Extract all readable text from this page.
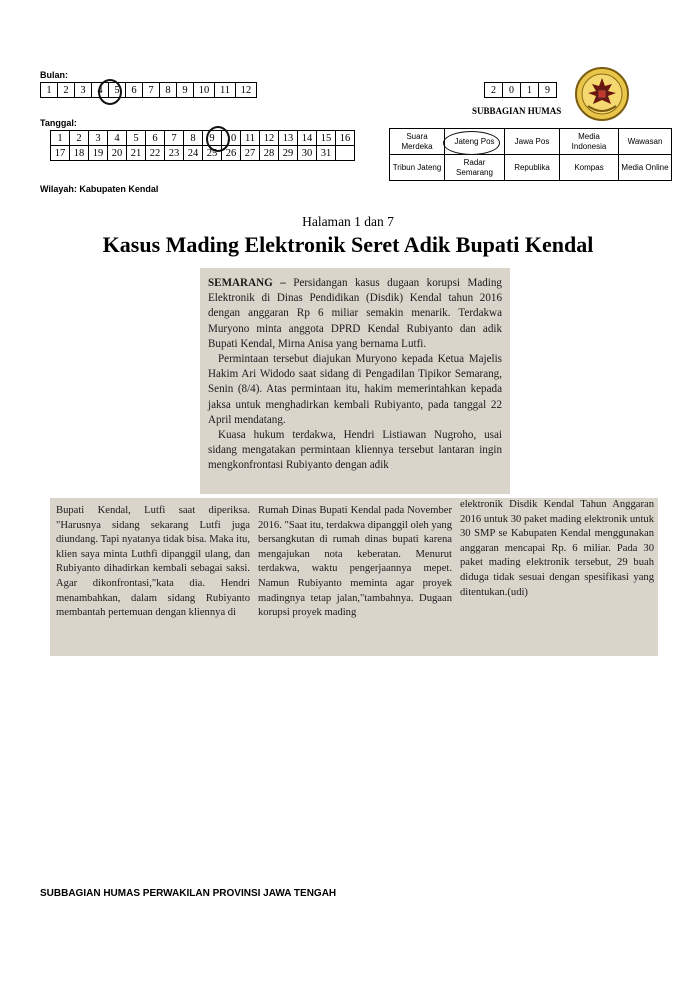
Bulan:
1	2	3	4	5	6	7	8	9	10	11	12
Tanggal:
1	2	3	4	5	6	7	8	9	10	11	12	13	14	15	16
17	18	19	20	21	22	23	24	25	26	27	28	29	30	31	
Wilayah: Kabupaten Kendal
2	0	1	9
SUBBAGIAN HUMAS
Suara Merdeka	Jateng Pos	Jawa Pos	Media Indonesia	Wawasan
Tribun Jateng	Radar Semarang	Republika	Kompas	Media Online
Halaman 1 dan 7
Kasus Mading Elektronik Seret Adik Bupati Kendal

SEMARANG – Persidangan kasus dugaan korupsi Mading Elektronik di Dinas Pendidikan (Disdik) Kendal tahun 2016 dengan anggaran Rp 6 miliar semakin menarik. Terdakwa Muryono minta anggota DPRD Kendal Rubiyanto dan adik Bupati Kendal, Mirna Anisa yang bernama Lutfi.

Permintaan tersebut diajukan Muryono kepada Ketua Majelis Hakim Ari Widodo saat sidang di Pengadilan Tipikor Semarang, Senin (8/4). Atas permintaan itu, hakim memerintahkan kepada jaksa untuk menghadirkan kembali Rubiyanto, pada tanggal 22 April mendatang.

Kuasa hukum terdakwa, Hendri Listiawan Nugroho, usai sidang mengatakan permintaan kliennya tersebut lantaran ingin mengkonfrontasi Rubiyanto dengan adik

Bupati Kendal, Lutfi saat diperiksa. "Harusnya sidang sekarang Lutfi juga diundang. Tapi nyatanya tidak bisa. Maka itu, klien saya minta Luthfi dipanggil ulang, dan Rubiyanto dihadirkan kembali sebagai saksi. Agar dikonfrontasi,"kata dia. Hendri menambahkan, dalam sidang Rubiyanto membantah pertemuan dengan kliennya di

Rumah Dinas Bupati Kendal pada November 2016. "Saat itu, terdakwa dipanggil oleh yang bersangkutan di rumah dinas bupati karena mengajukan nota keberatan. Menurut terdakwa, waktu pengerjaannya mepet. Namun Rubiyanto meminta agar proyek madingnya tetap jalan,"tambahnya. Dugaan korupsi proyek mading

elektronik Disdik Kendal Tahun Anggaran 2016 untuk 30 paket mading elektronik untuk 30 SMP se Kabupaten Kendal menggunakan anggaran mencapai Rp. 6 miliar. Pada 30 paket mading elektronik tersebut, 29 buah diduga tidak sesuai dengan spesifikasi yang ditentukan.(udi)

SUBBAGIAN HUMAS PERWAKILAN PROVINSI JAWA TENGAH
